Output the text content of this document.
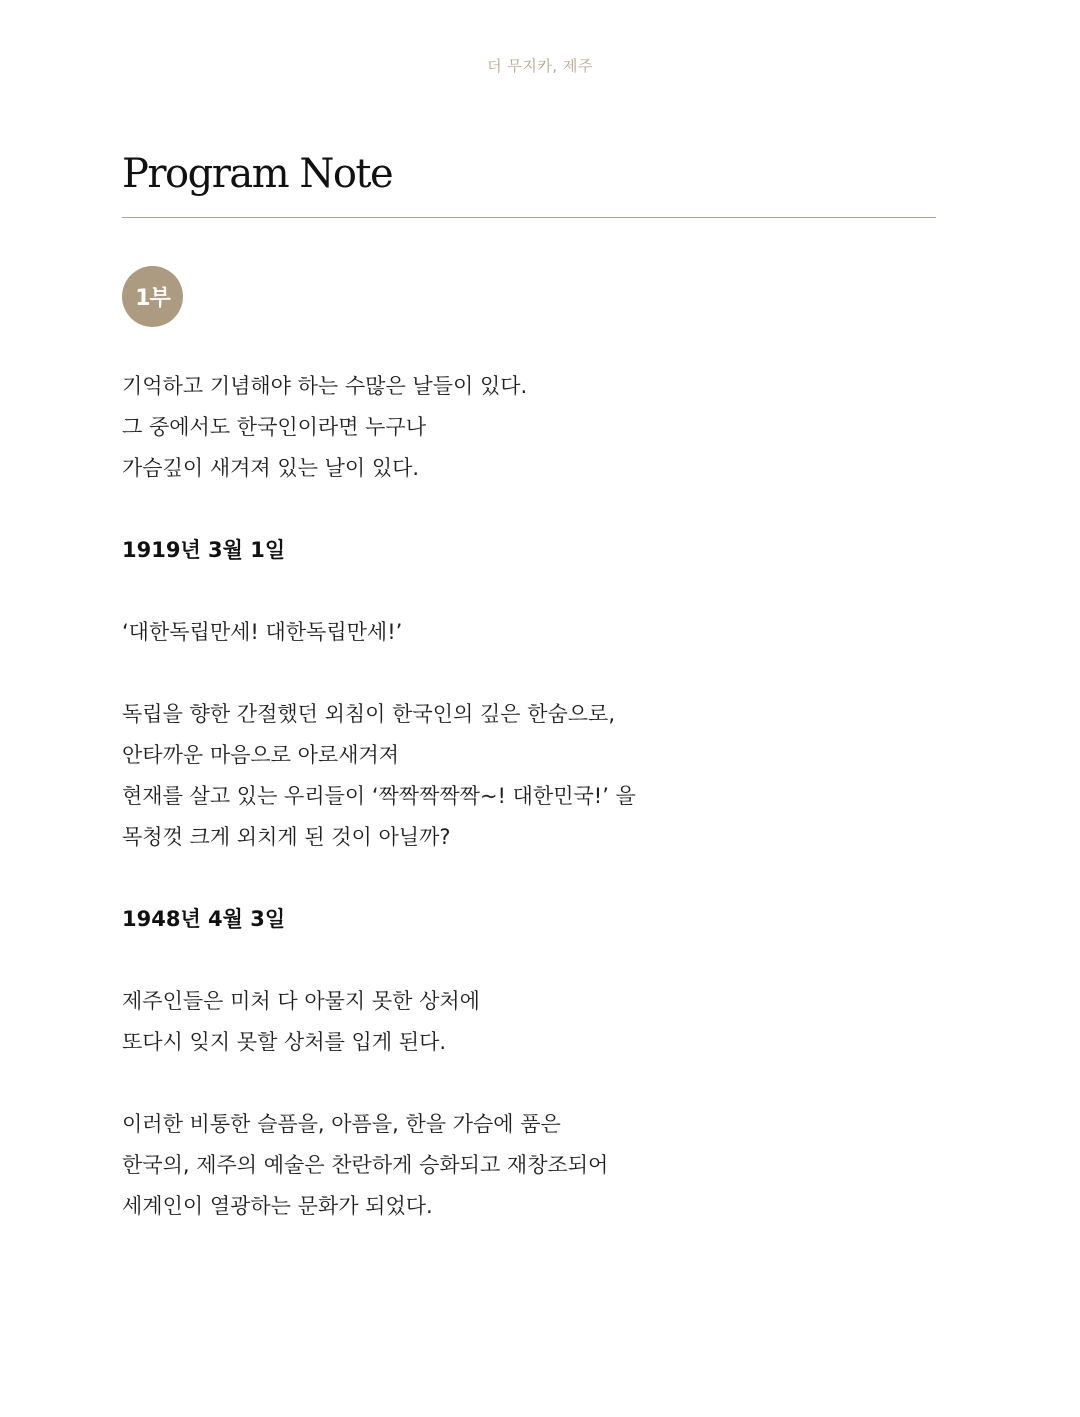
더 무지카, 제주
Program Note
1부

기억하고 기념해야 하는 수많은 날들이 있다.

그 중에서도 한국인이라면 누구나

가슴깊이 새겨져 있는 날이 있다.

1919년 3월 1일

‘대한독립만세! 대한독립만세!’

독립을 향한 간절했던 외침이 한국인의 깊은 한숨으로,

안타까운 마음으로 아로새겨져

현재를 살고 있는 우리들이 ‘짝짝짝짝짝~! 대한민국!’ 을

목청껏 크게 외치게 된 것이 아닐까?

1948년 4월 3일

제주인들은 미처 다 아물지 못한 상처에

또다시 잊지 못할 상처를 입게 된다.

이러한 비통한 슬픔을, 아픔을, 한을 가슴에 품은

한국의, 제주의 예술은 찬란하게 승화되고 재창조되어

세계인이 열광하는 문화가 되었다.
